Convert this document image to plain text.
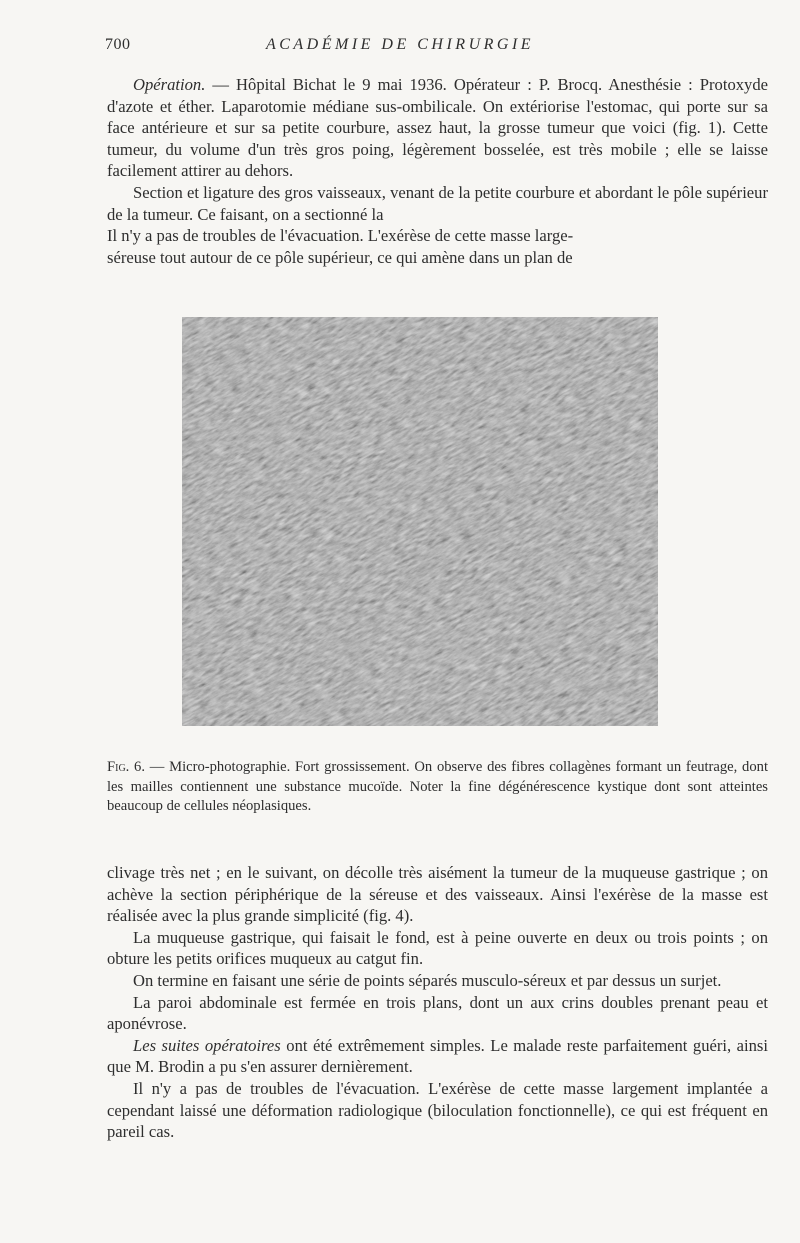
700	ACADÉMIE DE CHIRURGIE

Opération. — Hôpital Bichat le 9 mai 1936. Opérateur : P. Brocq. Anesthésie : Protoxyde d'azote et éther. Laparotomie médiane sus-ombilicale. On extériorise l'estomac, qui porte sur sa face antérieure et sur sa petite courbure, assez haut, la grosse tumeur que voici (fig. 1). Cette tumeur, du volume d'un très gros poing, légèrement bosselée, est très mobile ; elle se laisse facilement attirer au dehors.

Section et ligature des gros vaisseaux, venant de la petite courbure et abordant le pôle supérieur de la tumeur. Ce faisant, on a sectionné la

Il n'y a pas de troubles de l'évacuation. L'exérèse de cette masse large-

séreuse tout autour de ce pôle supérieur, ce qui amène dans un plan de

Fig. 6. — Micro-photographie. Fort grossissement. On observe des fibres collagènes formant un feutrage, dont les mailles contiennent une substance mucoïde. Noter la fine dégénérescence kystique dont sont atteintes beaucoup de cellules néoplasiques.

clivage très net ; en le suivant, on décolle très aisément la tumeur de la muqueuse gastrique ; on achève la section périphérique de la séreuse et des vaisseaux. Ainsi l'exérèse de la masse est réalisée avec la plus grande simplicité (fig. 4).

La muqueuse gastrique, qui faisait le fond, est à peine ouverte en deux ou trois points ; on obture les petits orifices muqueux au catgut fin.

On termine en faisant une série de points séparés musculo-séreux et par dessus un surjet.

La paroi abdominale est fermée en trois plans, dont un aux crins doubles prenant peau et aponévrose.

Les suites opératoires ont été extrêmement simples. Le malade reste parfaitement guéri, ainsi que M. Brodin a pu s'en assurer dernièrement.

Il n'y a pas de troubles de l'évacuation. L'exérèse de cette masse largement implantée a cependant laissé une déformation radiologique (biloculation fonctionnelle), ce qui est fréquent en pareil cas.
